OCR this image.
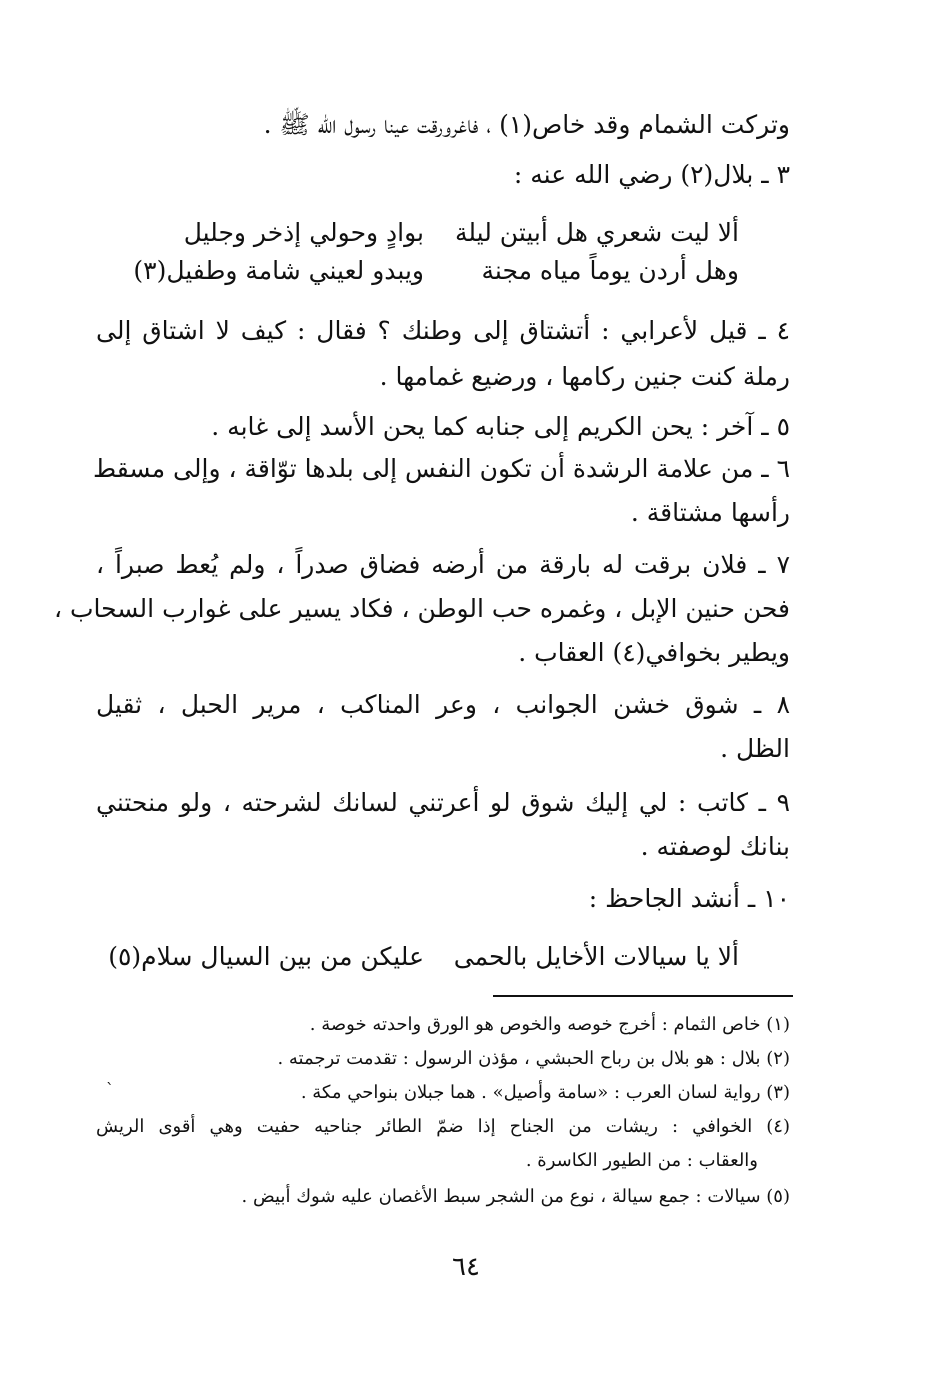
وتركت الشمام وقد خاص(١) ، فاغرورقت عينا رسول الله ﷺ .
٣ ـ بلال(٢) رضي الله عنه :
ألا ليت شعري هل أبيتن ليلة
بوادٍ وحولي إذخر وجليل
وهل أردن يوماً مياه مجنة
ويبدو لعيني شامة وطفيل(٣)
٤ ـ قيل لأعرابي : أتشتاق إلى وطنك ؟ فقال : كيف لا اشتاق إلى
رملة كنت جنين ركامها ، ورضيع غمامها .
٥ ـ آخر : يحن الكريم إلى جنابه كما يحن الأسد إلى غابه .
٦ ـ من علامة الرشدة أن تكون النفس إلى بلدها توّاقة ، وإلى مسقط
رأسها مشتاقة .
٧ ـ فلان برقت له بارقة من أرضه فضاق صدراً ، ولم يُعط صبراً ،
فحن حنين الإبل ، وغمره حب الوطن ، فكاد يسير على غوارب السحاب ،
ويطير بخوافي(٤) العقاب .
٨ ـ شوق خشن الجوانب ، وعر المناكب ، مرير الحبل ، ثقيل
الظل .
٩ ـ كاتب : لي إليك شوق لو أعرتني لسانك لشرحته ، ولو منحتني
بنانك لوصفته .
١٠ ـ أنشد الجاحظ :
ألا يا سيالات الأخايل بالحمى
عليكن من بين السيال سلام(٥)
(١) خاص الثمام : أخرج خوصه والخوص هو الورق واحدته خوصة .
(٢) بلال : هو بلال بن رباح الحبشي ، مؤذن الرسول : تقدمت ترجمته .
(٣) رواية لسان العرب : «سامة وأصيل» . هما جبلان بنواحي مكة .
(٤) الخوافي : ريشات من الجناح إذا ضمّ الطائر جناحيه حفيت وهي أقوى الريش
والعقاب : من الطيور الكاسرة .
(٥) سيالات : جمع سيالة ، نوع من الشجر سبط الأغصان عليه شوك أبيض .
ˋ
٦٤
